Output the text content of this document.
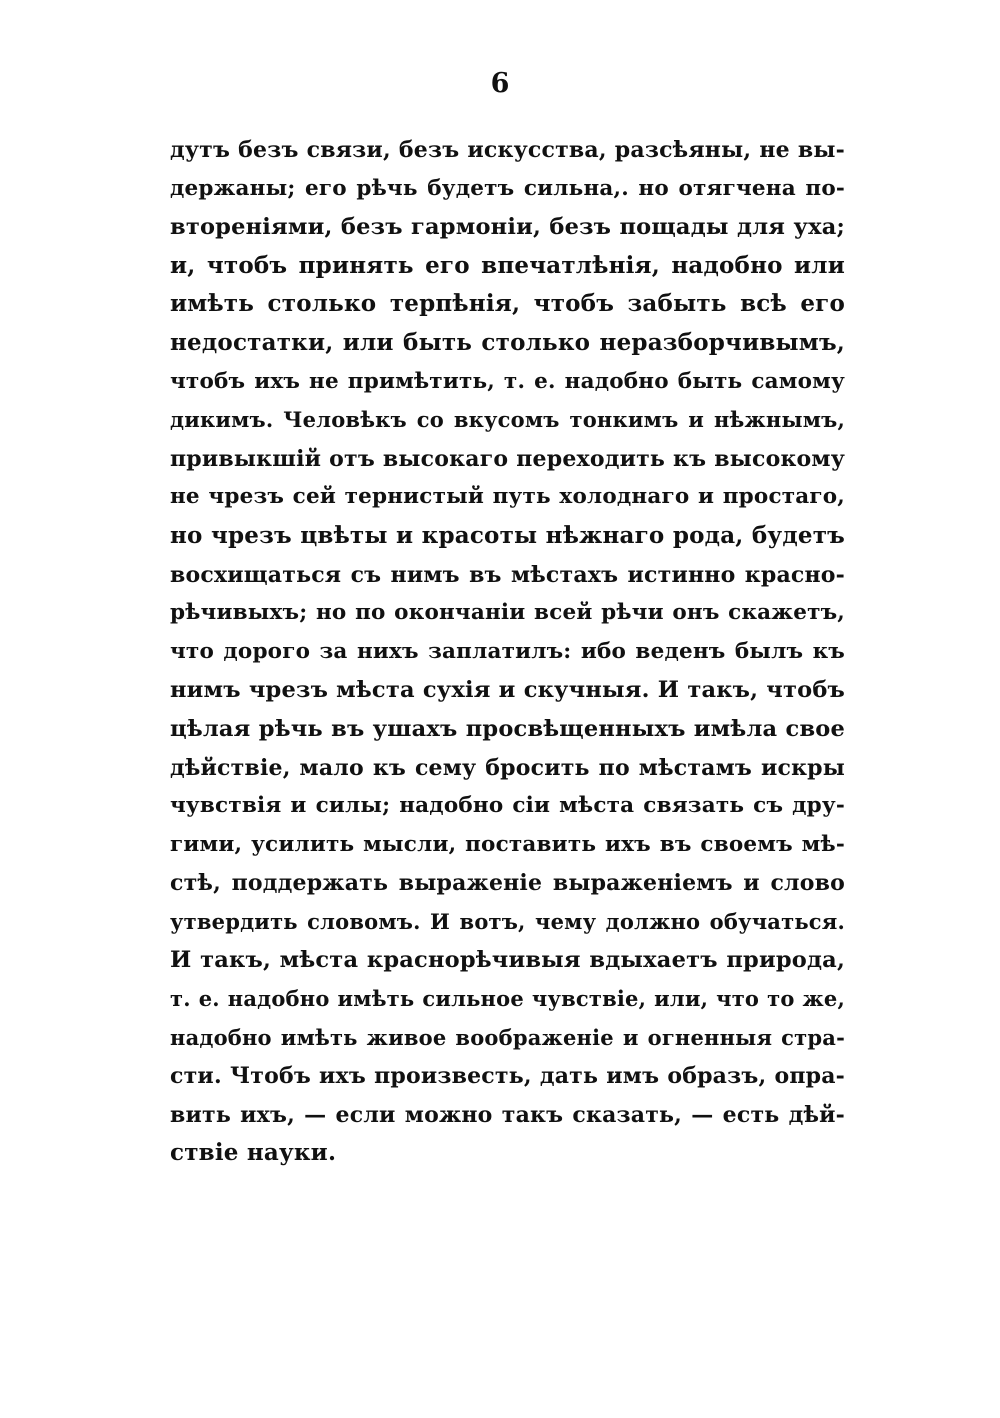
6
дутъ безъ связи, безъ искусства, разсѣяны, не вы-
держаны; его рѣчь будетъ сильна,. но отягчена по-
втореніями, безъ гармоніи, безъ пощады для уха;
и, чтобъ принять его впечатлѣнія, надобно или
имѣть столько терпѣнія, чтобъ забыть всѣ его
недостатки, или быть столько неразборчивымъ,
чтобъ ихъ не примѣтить, т. е. надобно быть самому
дикимъ. Человѣкъ со вкусомъ тонкимъ и нѣжнымъ,
привыкшій отъ высокаго переходить къ высокому
не чрезъ сей тернистый путь холоднаго и простаго,
но чрезъ цвѣты и красоты нѣжнаго рода, будетъ
восхищаться съ нимъ въ мѣстахъ истинно красно-
рѣчивыхъ; но по окончаніи всей рѣчи онъ скажетъ,
что дорого за нихъ заплатилъ: ибо веденъ былъ къ
нимъ чрезъ мѣста сухія и скучныя. И такъ, чтобъ
цѣлая рѣчь въ ушахъ просвѣщенныхъ имѣла свое
дѣйствіе, мало къ сему бросить по мѣстамъ искры
чувствія и силы; надобно сіи мѣста связать съ дру-
гими, усилить мысли, поставить ихъ въ своемъ мѣ-
стѣ, поддержать выраженіе выраженіемъ и слово
утвердить словомъ. И вотъ, чему должно обучаться.
И такъ, мѣста краснорѣчивыя вдыхаетъ природа,
т. е. надобно имѣть сильное чувствіе, или, что то же,
надобно имѣть живое воображеніе и огненныя стра-
сти. Чтобъ ихъ произвесть, дать имъ образъ, опра-
вить ихъ, — если можно такъ сказать, — есть дѣй-
ствіе науки.
